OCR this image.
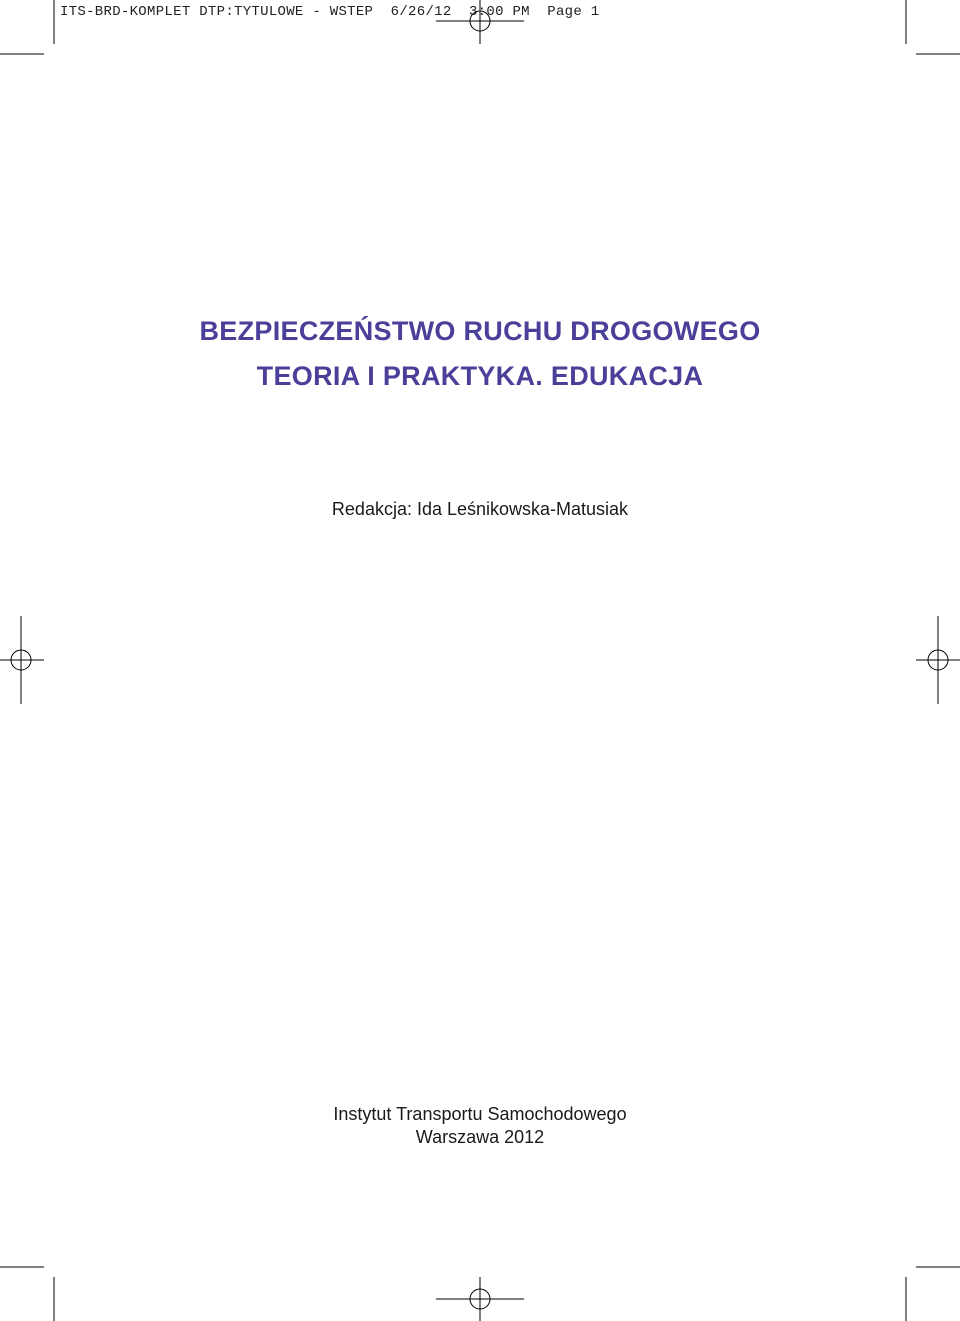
ITS-BRD-KOMPLET DTP:TYTULOWE - WSTEP  6/26/12  3:00 PM  Page 1
BEZPIECZEŃSTWO RUCHU DROGOWEGO
TEORIA I PRAKTYKA. EDUKACJA
Redakcja: Ida Leśnikowska-Matusiak
Instytut Transportu Samochodowego
Warszawa 2012
